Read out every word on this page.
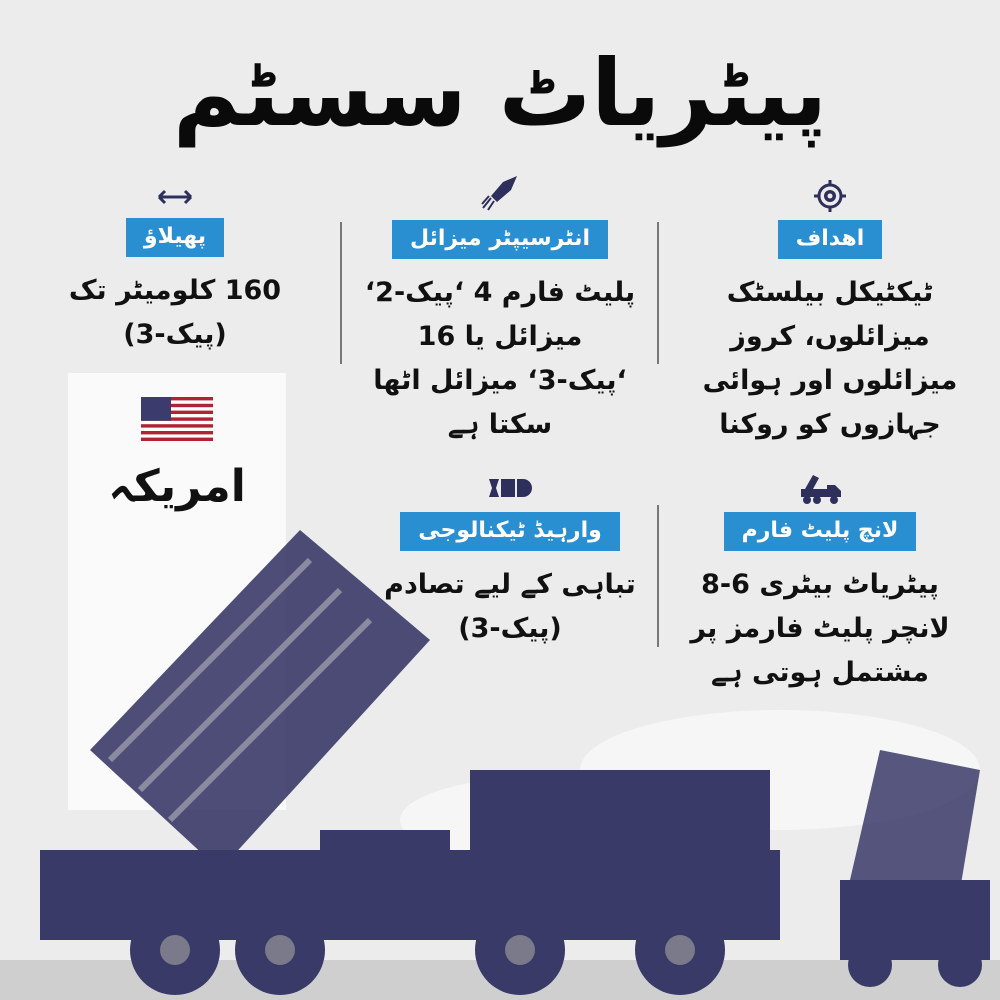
پیٹریاٹ سسٹم
اهداف
ٹیکٹیکل بیلسٹک
میزائلوں، کروز
میزائلوں اور ہوائی
جہازوں کو روکنا
انٹرسیپٹر میزائل
پلیٹ فارم 4 ‘پیک-2‘
میزائل یا 16
‘پیک-3‘ میزائل اٹھا
سکتا ہے
پھیلاؤ
160 کلومیٹر تک
(پیک-3)
لانچ پلیٹ فارم
پیٹریاٹ بیٹری 6-8
لانچر پلیٹ فارمز پر
مشتمل ہوتی ہے
وارہیڈ ٹیکنالوجی
تباہی کے لیے تصادم
(پیک-3)
امریکہ
